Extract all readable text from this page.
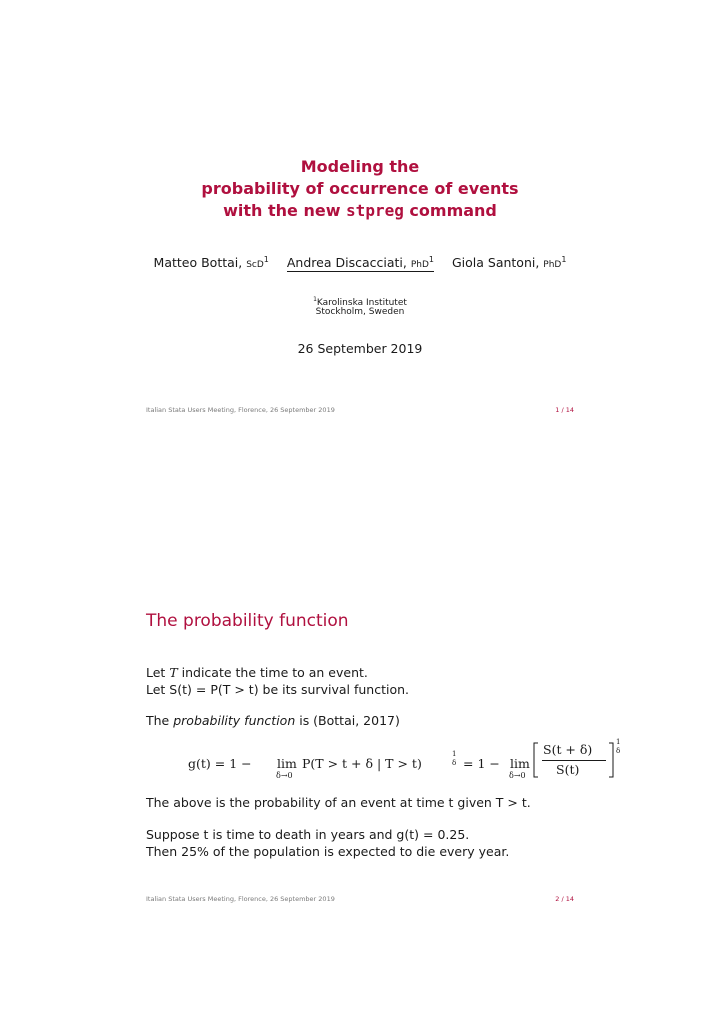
Modeling the
probability of occurrence of events
with the new stpreg command
Matteo Bottai, ScD$^1$ Andrea Discacciati, PhD$^1$ Giola Santoni, PhD$^1$
$^1$Karolinska Institutet
Stockholm, Sweden
26 September 2019
Italian Stata Users Meeting, Florence, 26 September 2019	1 / 14
The probability function
Let T indicate the time to an event.
Let S(t) = P(T > t) be its survival function.
The probability function is (Bottai, 2017)
g(t) = 1 − lim
δ→0
P(T > t + δ | T > t)
1
δ = 1 − lim
δ→0
S(t + δ)
S(t)
1
δ
The above is the probability of an event at time t given T > t.
Suppose t is time to death in years and g(t) = 0.25.
Then 25% of the population is expected to die every year.
Italian Stata Users Meeting, Florence, 26 September 2019	2 / 14
